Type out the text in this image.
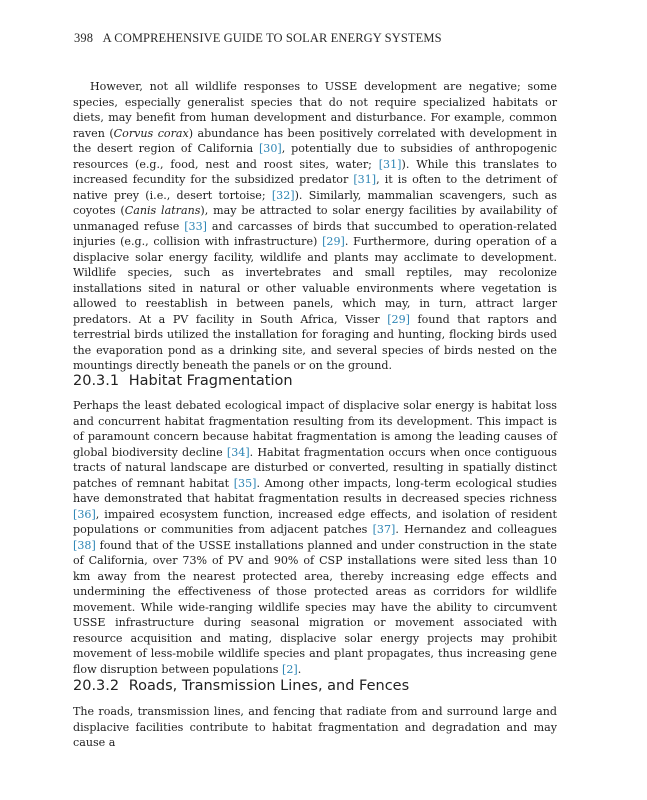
398 A COMPREHENSIVE GUIDE TO SOLAR ENERGY SYSTEMS

However, not all wildlife responses to USSE development are negative; some species, especially generalist species that do not require specialized habitats or diets, may benefit from human development and disturbance. For example, common raven (Corvus corax) abundance has been positively correlated with development in the desert region of California [30], potentially due to subsidies of anthropogenic resources (e.g., food, nest and roost sites, water; [31]). While this translates to increased fecundity for the subsidized predator [31], it is often to the detriment of native prey (i.e., desert tortoise; [32]). Similarly, mammalian scavengers, such as coyotes (Canis latrans), may be attracted to solar energy facilities by availability of unmanaged refuse [33] and carcasses of birds that succumbed to operation-related injuries (e.g., collision with infrastructure) [29]. Furthermore, during operation of a displacive solar energy facility, wildlife and plants may acclimate to development. Wildlife species, such as invertebrates and small reptiles, may recolonize installations sited in natural or other valuable environments where vegetation is allowed to reestablish in between panels, which may, in turn, attract larger predators. At a PV facility in South Africa, Visser [29] found that raptors and terrestrial birds utilized the installation for foraging and hunting, flocking birds used the evaporation pond as a drinking site, and several species of birds nested on the mountings directly beneath the panels or on the ground.

20.3.1 Habitat Fragmentation

Perhaps the least debated ecological impact of displacive solar energy is habitat loss and concurrent habitat fragmentation resulting from its development. This impact is of paramount concern because habitat fragmentation is among the leading causes of global biodiversity decline [34]. Habitat fragmentation occurs when once contiguous tracts of natural landscape are disturbed or converted, resulting in spatially distinct patches of remnant habitat [35]. Among other impacts, long-term ecological studies have demonstrated that habitat fragmentation results in decreased species richness [36], impaired ecosystem function, increased edge effects, and isolation of resident populations or communities from adjacent patches [37]. Hernandez and colleagues [38] found that of the USSE installations planned and under construction in the state of California, over 73% of PV and 90% of CSP installations were sited less than 10 km away from the nearest protected area, thereby increasing edge effects and undermining the effectiveness of those protected areas as corridors for wildlife movement. While wide-ranging wildlife species may have the ability to circumvent USSE infrastructure during seasonal migration or movement associated with resource acquisition and mating, displacive solar energy projects may prohibit movement of less-mobile wildlife species and plant propagates, thus increasing gene flow disruption between populations [2].

20.3.2 Roads, Transmission Lines, and Fences

The roads, transmission lines, and fencing that radiate from and surround large and displacive facilities contribute to habitat fragmentation and degradation and may cause a
